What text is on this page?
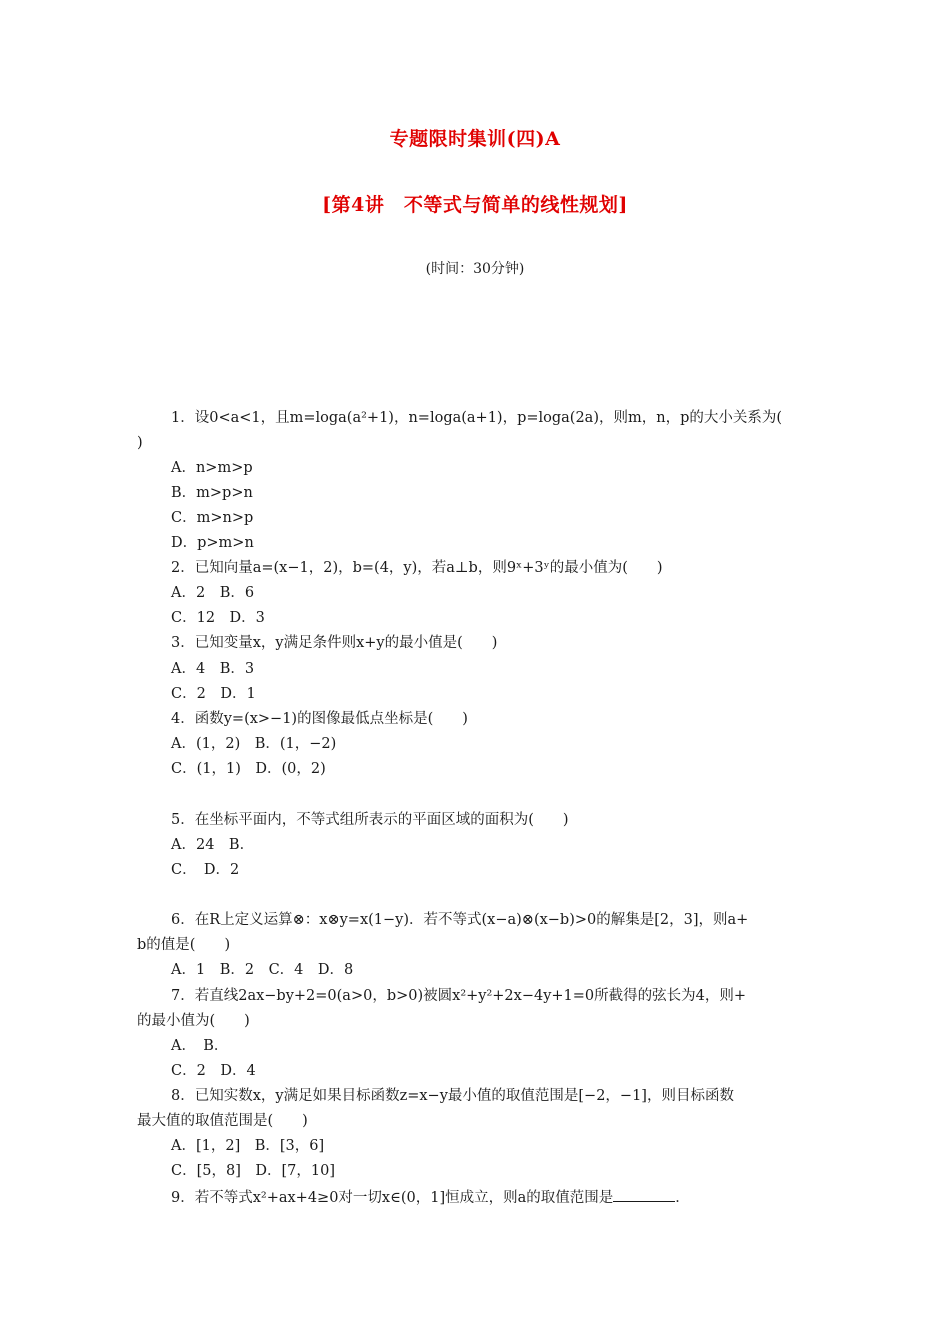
专题限时集训(四)A
[第4讲　不等式与简单的线性规划]
(时间：30分钟)
1．设0<a<1，且m=loga(a²+1)，n=loga(a+1)，p=loga(2a)，则m，n，p的大小关系为(
)
A．n>m>p
B．m>p>n
C．m>n>p
D．p>m>n
2．已知向量a=(x−1，2)，b=(4，y)，若a⊥b，则9ˣ+3ʸ的最小值为(　　)
A．2　B．6
C．12　D．3
3．已知变量x，y满足条件则x+y的最小值是(　　)
A．4　B．3
C．2　D．1
4．函数y=(x>−1)的图像最低点坐标是(　　)
A．(1，2)　B．(1，−2)
C．(1，1)　D．(0，2)
5．在坐标平面内，不等式组所表示的平面区域的面积为(　　)
A．24　B．
C．　D．2
6．在R上定义运算⊗：x⊗y=x(1−y)．若不等式(x−a)⊗(x−b)>0的解集是[2，3]，则a+
b的值是(　　)
A．1　B．2　C．4　D．8
7．若直线2ax−by+2=0(a>0，b>0)被圆x²+y²+2x−4y+1=0所截得的弦长为4，则+
的最小值为(　　)
A．　B．
C．2　D．4
8．已知实数x，y满足如果目标函数z=x−y最小值的取值范围是[−2，−1]，则目标函数
最大值的取值范围是(　　)
A．[1，2]　B．[3，6]
C．[5，8]　D．[7，10]
9．若不等式x²+ax+4≥0对一切x∈(0，1]恒成立，则a的取值范围是	．
